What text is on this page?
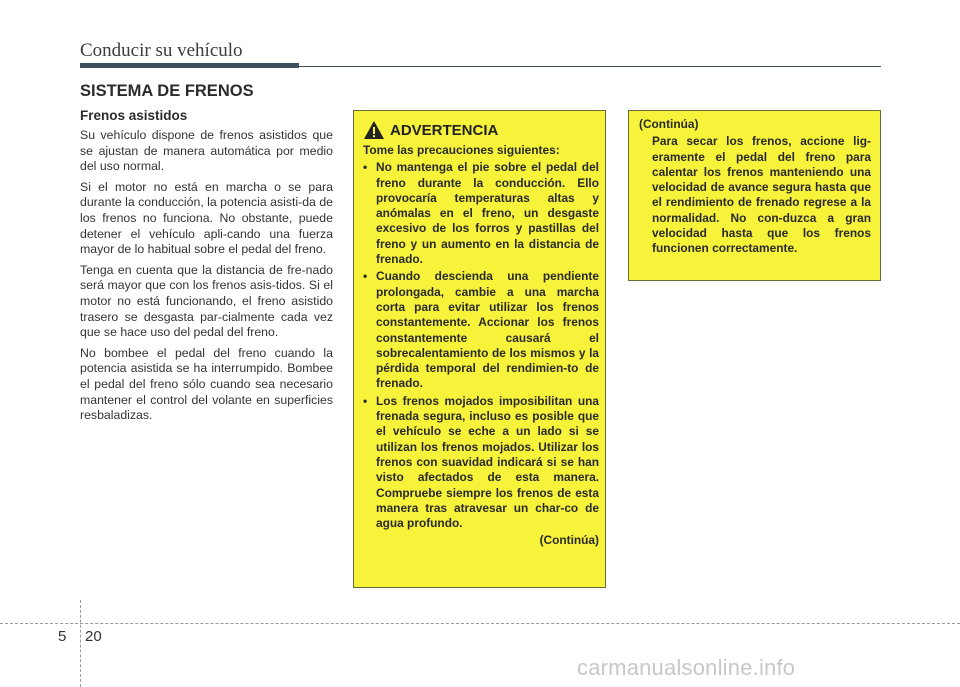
Conducir su vehículo
SISTEMA DE FRENOS
Frenos asistidos

Su vehículo dispone de frenos asistidos que se ajustan de manera automática por medio del uso normal.

Si el motor no está en marcha o se para durante la conducción, la potencia asisti-da de los frenos no funciona. No obstante, puede detener el vehículo apli-cando una fuerza mayor de lo habitual sobre el pedal del freno.

Tenga en cuenta que la distancia de fre-nado será mayor que con los frenos asis-tidos. Si el motor no está funcionando, el freno asistido trasero se desgasta par-cialmente cada vez que se hace uso del pedal del freno.

No bombee el pedal del freno cuando la potencia asistida se ha interrumpido. Bombee el pedal del freno sólo cuando sea necesario mantener el control del volante en superficies resbaladizas.

ADVERTENCIA
Tome las precauciones siguientes:
• No mantenga el pie sobre el pedal del freno durante la conducción. Ello provocaría temperaturas altas y anómalas en el freno, un desgaste excesivo de los forros y pastillas del freno y un aumento en la distancia de frenado.
• Cuando descienda una pendiente prolongada, cambie a una marcha corta para evitar utilizar los frenos constantemente. Accionar los frenos constantemente causará el sobrecalentamiento de los mismos y la pérdida temporal del rendimien-to de frenado.
• Los frenos mojados imposibilitan una frenada segura, incluso es posible que el vehículo se eche a un lado si se utilizan los frenos mojados. Utilizar los frenos con suavidad indicará si se han visto afectados de esta manera. Compruebe siempre los frenos de esta manera tras atravesar un char-co de agua profundo.
(Continúa)
(Continúa)
Para secar los frenos, accione lig-eramente el pedal del freno para calentar los frenos manteniendo una velocidad de avance segura hasta que el rendimiento de frenado regrese a la normalidad. No con-duzca a gran velocidad hasta que los frenos funcionen correctamente.
5 20
carmanualsonline.info
